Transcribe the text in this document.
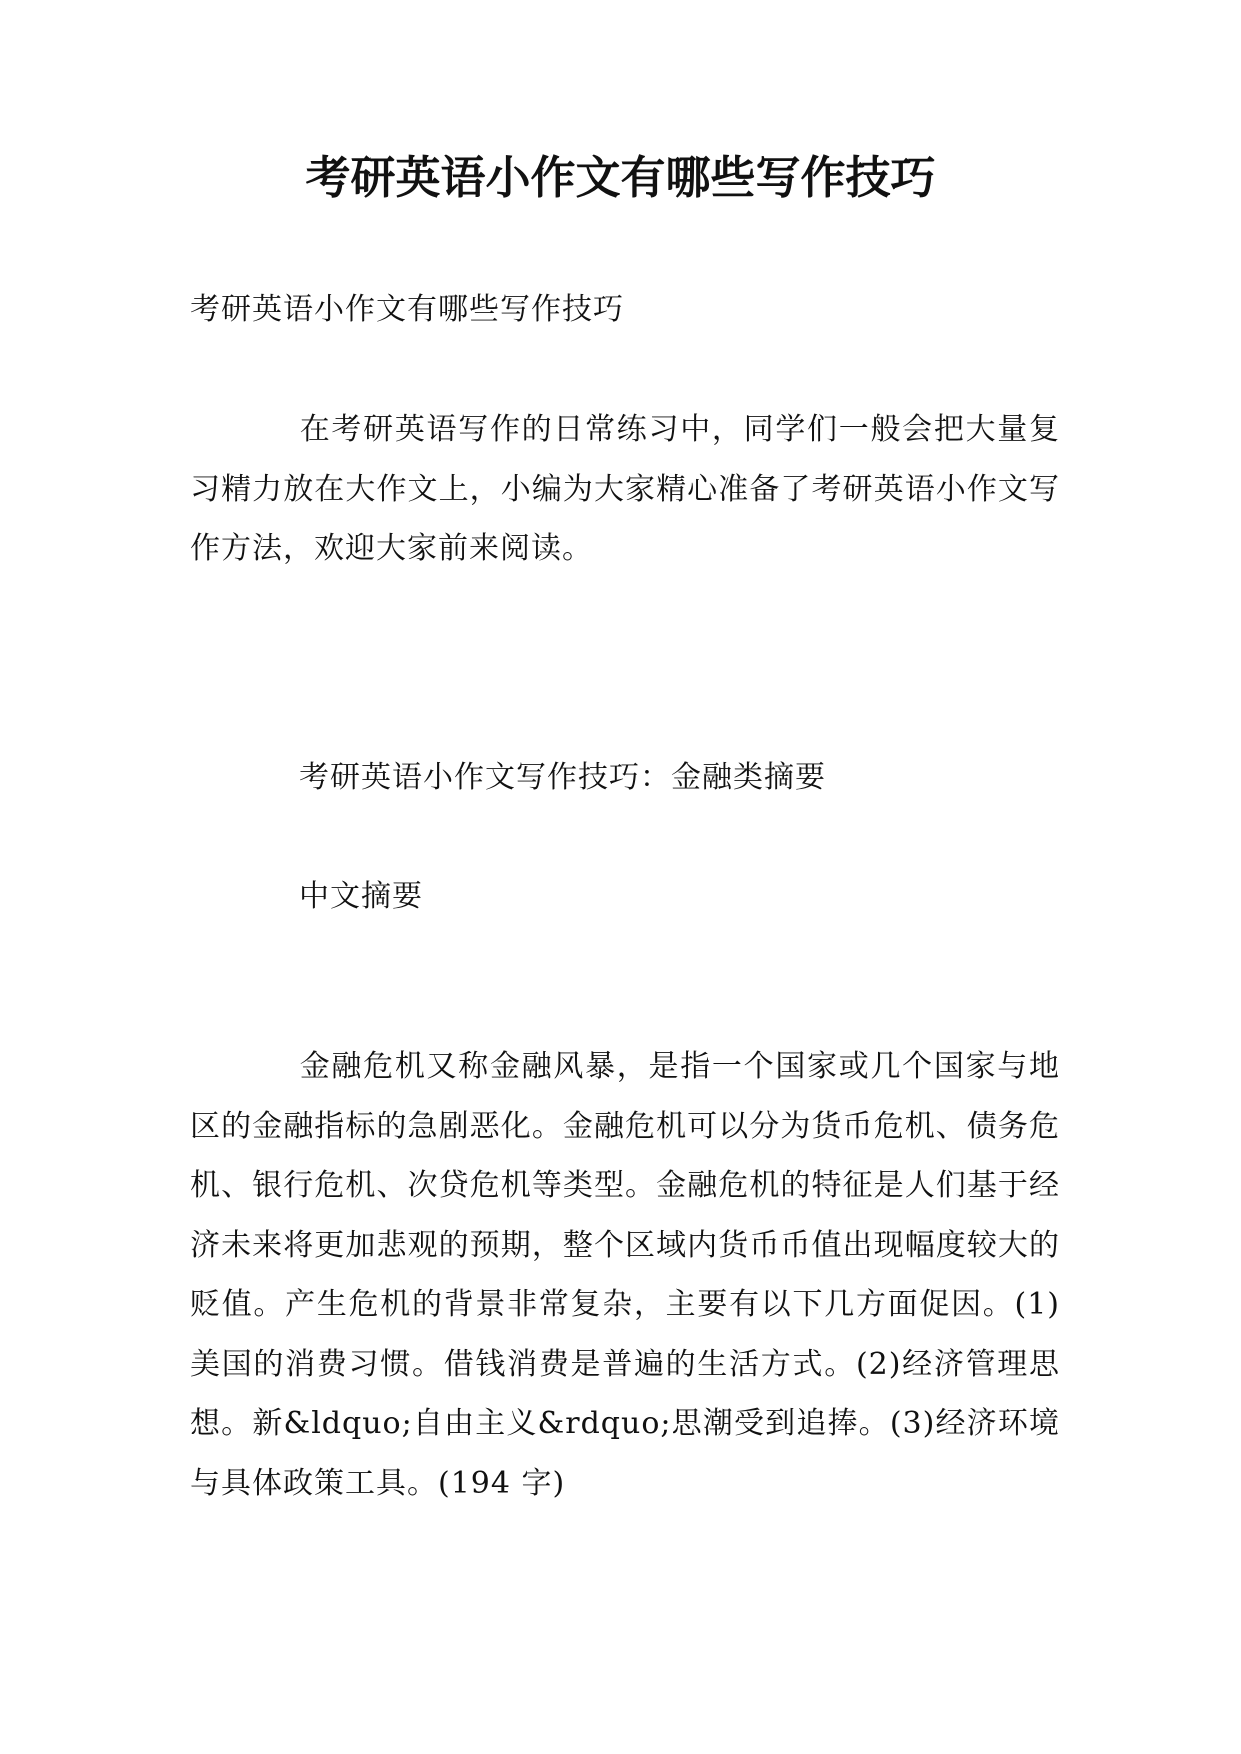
考研英语小作文有哪些写作技巧
考研英语小作文有哪些写作技巧
在考研英语写作的日常练习中，同学们一般会把大量复习精力放在大作文上，小编为大家精心准备了考研英语小作文写作方法，欢迎大家前来阅读。
考研英语小作文写作技巧：金融类摘要
中文摘要
金融危机又称金融风暴，是指一个国家或几个国家与地区的金融指标的急剧恶化。金融危机可以分为货币危机、债务危机、银行危机、次贷危机等类型。金融危机的特征是人们基于经济未来将更加悲观的预期，整个区域内货币币值出现幅度较大的贬值。产生危机的背景非常复杂，主要有以下几方面促因。(1)美国的消费习惯。借钱消费是普遍的生活方式。(2)经济管理思想。新&ldquo;自由主义&rdquo;思潮受到追捧。(3)经济环境与具体政策工具。(194 字)
